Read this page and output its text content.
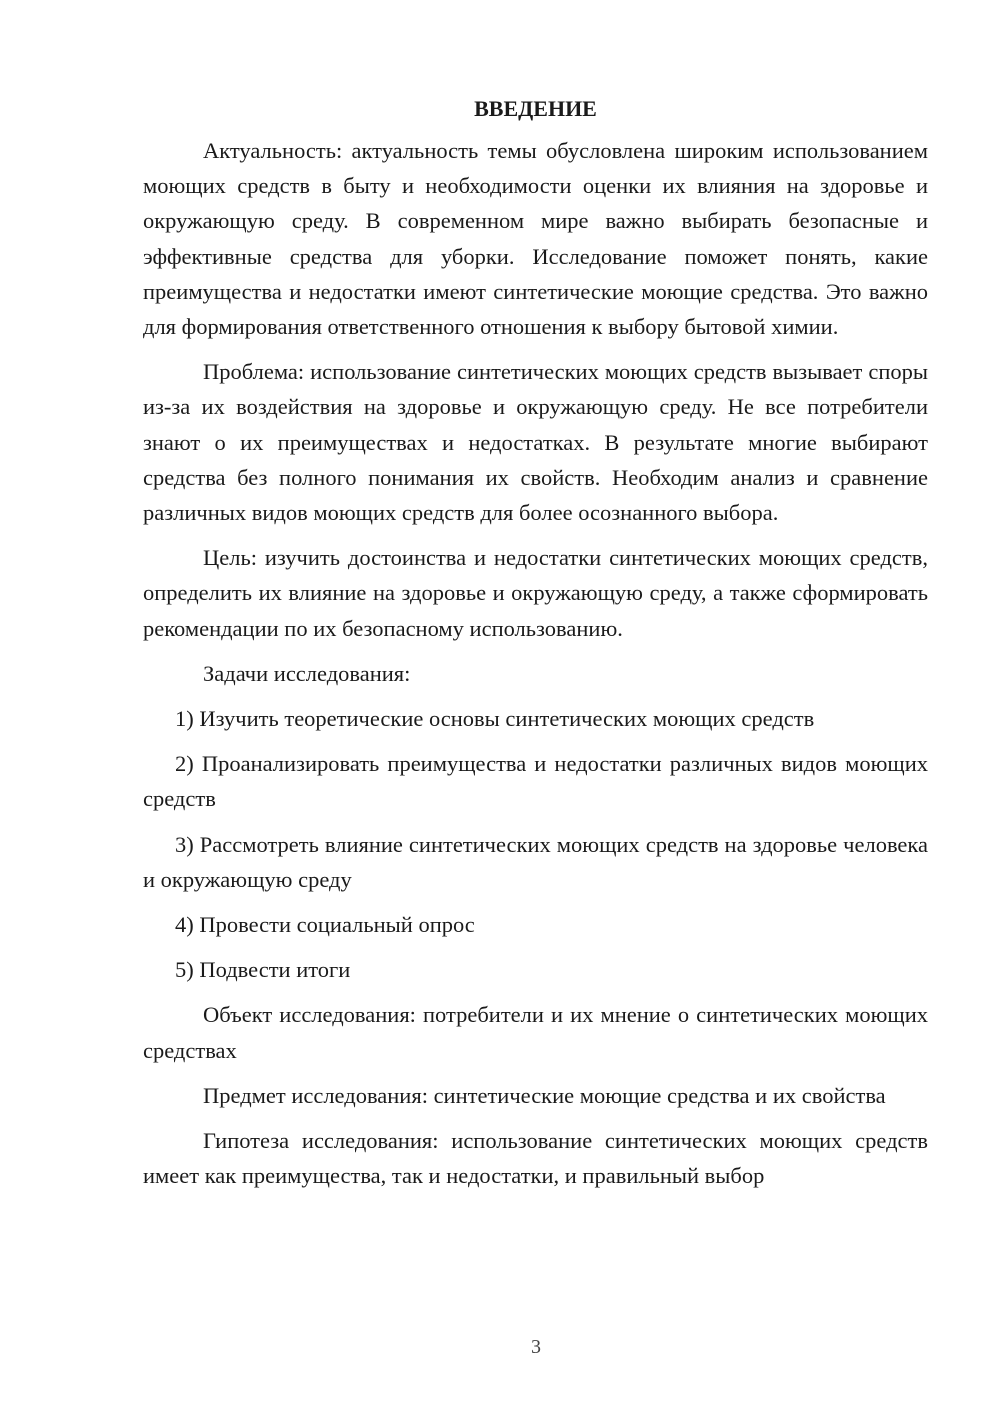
ВВЕДЕНИЕ

Актуальность: актуальность темы обусловлена широким использованием моющих средств в быту и необходимости оценки их влияния на здоровье и окружающую среду. В современном мире важно выбирать безопасные и эффективные средства для уборки. Исследование поможет понять, какие преимущества и недостатки имеют синтетические моющие средства. Это важно для формирования ответственного отношения к выбору бытовой химии.

Проблема: использование синтетических моющих средств вызывает споры из-за их воздействия на здоровье и окружающую среду. Не все потребители знают о их преимуществах и недостатках. В результате многие выбирают средства без полного понимания их свойств. Необходим анализ и сравнение различных видов моющих средств для более осознанного выбора.

Цель: изучить достоинства и недостатки синтетических моющих средств, определить их влияние на здоровье и окружающую среду, а также сформировать рекомендации по их безопасному использованию.

Задачи исследования:

1) Изучить теоретические основы синтетических моющих средств

2) Проанализировать преимущества и недостатки различных видов моющих средств

3) Рассмотреть влияние синтетических моющих средств на здоровье человека и окружающую среду

4) Провести социальный опрос

5) Подвести итоги

Объект исследования: потребители и их мнение о синтетических моющих средствах

Предмет исследования: синтетические моющие средства и их свойства

Гипотеза исследования: использование синтетических моющих средств имеет как преимущества, так и недостатки, и правильный выбор

3
